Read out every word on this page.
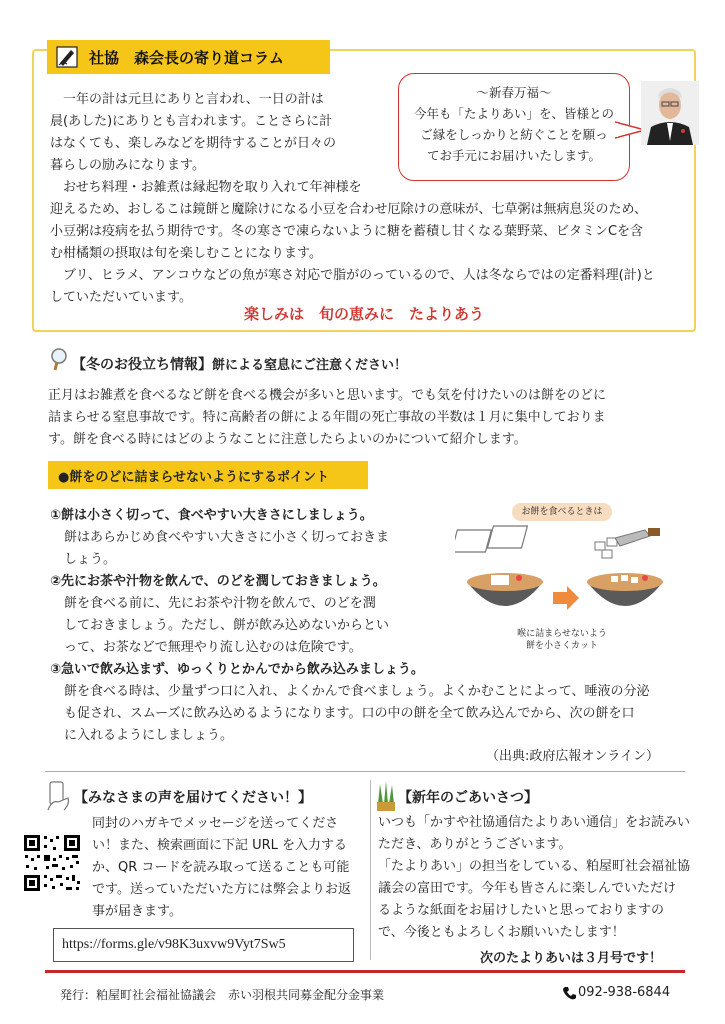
社協　森会長の寄り道コラム

～新春万福～

今年も「たよりあい」を、皆様との

ご縁をしっかりと紡ぐことを願っ

てお手元にお届けいたします。

　一年の計は元旦にありと言われ、一日の計は

晨(あした)にありとも言われます。ことさらに計

はなくても、楽しみなどを期待することが日々の

暮らしの励みになります。

　おせち料理・お雑煮は縁起物を取り入れて年神様を

迎えるため、おしるこは鏡餅と魔除けになる小豆を合わせ厄除けの意味が、七草粥は無病息災のため、

小豆粥は疫病を払う期待です。冬の寒さで凍らないように糖を蓄積し甘くなる葉野菜、ビタミンCを含

む柑橘類の摂取は旬を楽しむことになります。

　ブリ、ヒラメ、アンコウなどの魚が寒さ対応で脂がのっているので、人は冬ならではの定番料理(計)と

していただいています。

楽しみは　旬の恵みに　たよりあう
【冬のお役立ち情報】餅による窒息にご注意ください！

正月はお雑煮を食べるなど餅を食べる機会が多いと思います。でも気を付けたいのは餅をのどに

詰まらせる窒息事故です。特に高齢者の餅による年間の死亡事故の半数は１月に集中しておりま

す。餅を食べる時にはどのようなことに注意したらよいのかについて紹介します。

●餅をのどに詰まらせないようにするポイント

①餅は小さく切って、食べやすい大きさにしましょう。

餅はあらかじめ食べやすい大きさに小さく切っておきま

しょう。

②先にお茶や汁物を飲んで、のどを潤しておきましょう。

餅を食べる前に、先にお茶や汁物を飲んで、のどを潤

しておきましょう。ただし、餅が飲み込めないからとい

って、お茶などで無理やり流し込むのは危険です。

③急いで飲み込まず、ゆっくりとかんでから飲み込みましょう。

餅を食べる時は、少量ずつ口に入れ、よくかんで食べましょう。よくかむことによって、唾液の分泌

も促され、スムーズに飲み込めるようになります。口の中の餅を全て飲み込んでから、次の餅を口

に入れるようにしましょう。

（出典:政府広報オンライン）
お餅を食べるときは
喉に詰まらせないよう
餅を小さくカット
【みなさまの声を届けてください！】

同封のハガキでメッセージを送ってくださ

い！また、検索画面に下記 URL を入力する

か、QR コードを読み取って送ることも可能

です。送っていただいた方には弊会よりお返

事が届きます。

https://forms.gle/v98K3uxvw9Vyt7Sw5
【新年のごあいさつ】

いつも「かすや社協通信たよりあい通信」をお読みい

ただき、ありがとうございます。

「たよりあい」の担当をしている、粕屋町社会福祉協

議会の富田です。今年も皆さんに楽しんでいただけ

るような紙面をお届けしたいと思っておりますの

で、今後ともよろしくお願いいたします！

次のたよりあいは３月号です！
発行：粕屋町社会福祉協議会　赤い羽根共同募金配分金事業	092-938-6844
